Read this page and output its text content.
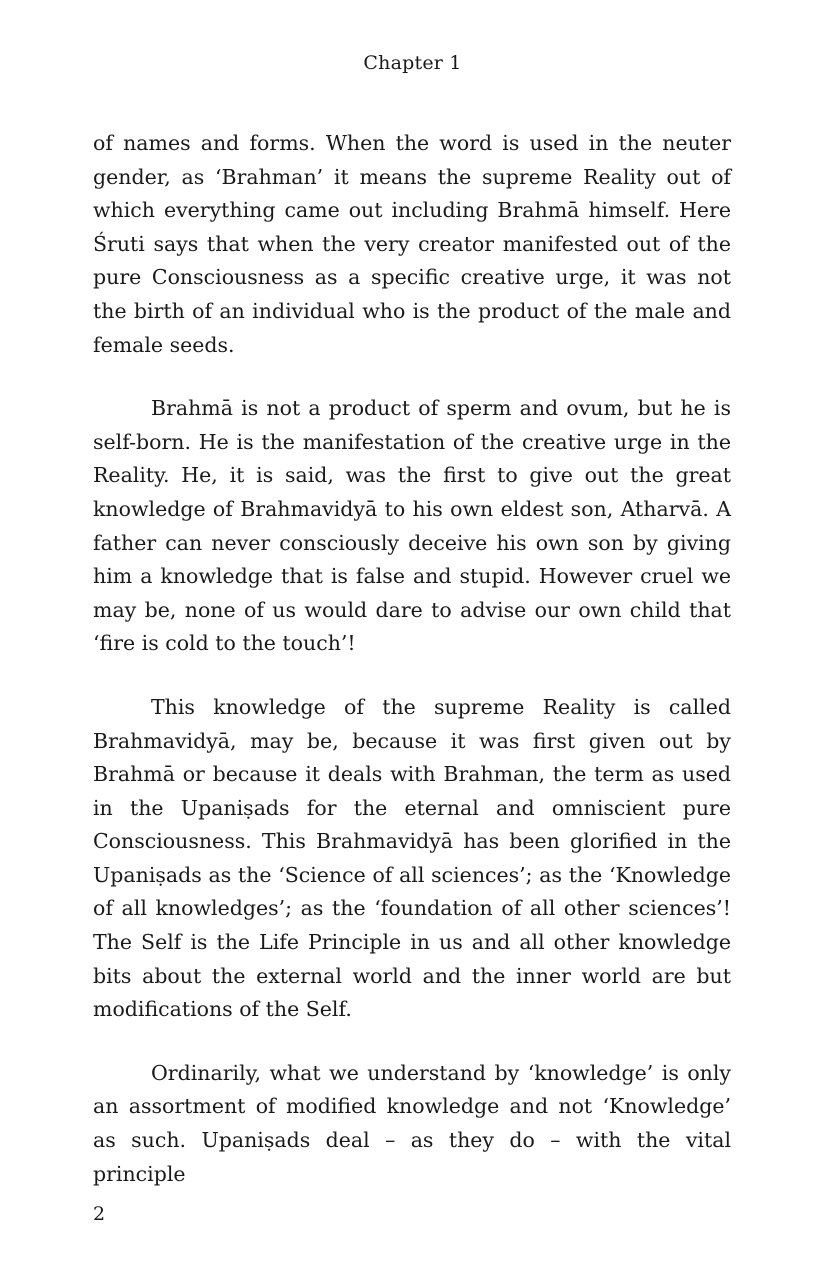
Chapter 1

of names and forms. When the word is used in the neuter gender, as ‘Brahman’ it means the supreme Reality out of which everything came out including Brahmā himself. Here Śruti says that when the very creator manifested out of the pure Consciousness as a specific creative urge, it was not the birth of an individual who is the product of the male and female seeds.

Brahmā is not a product of sperm and ovum, but he is self-born. He is the manifestation of the creative urge in the Reality. He, it is said, was the first to give out the great knowledge of Brahmavidyā to his own eldest son, Atharvā. A father can never consciously deceive his own son by giving him a knowledge that is false and stupid. However cruel we may be, none of us would dare to advise our own child that ‘fire is cold to the touch’!

This knowledge of the supreme Reality is called Brahmavidyā, may be, because it was first given out by Brahmā or because it deals with Brahman, the term as used in the Upaniṣads for the eternal and omniscient pure Consciousness. This Brahmavidyā has been glorified in the Upaniṣads as the ‘Science of all sciences’; as the ‘Knowledge of all knowledges’; as the ‘foundation of all other sciences’! The Self is the Life Principle in us and all other knowledge bits about the external world and the inner world are but modifications of the Self.

Ordinarily, what we understand by ‘knowledge’ is only an assortment of modified knowledge and not ‘Knowledge’ as such. Upaniṣads deal – as they do – with the vital principle

2
